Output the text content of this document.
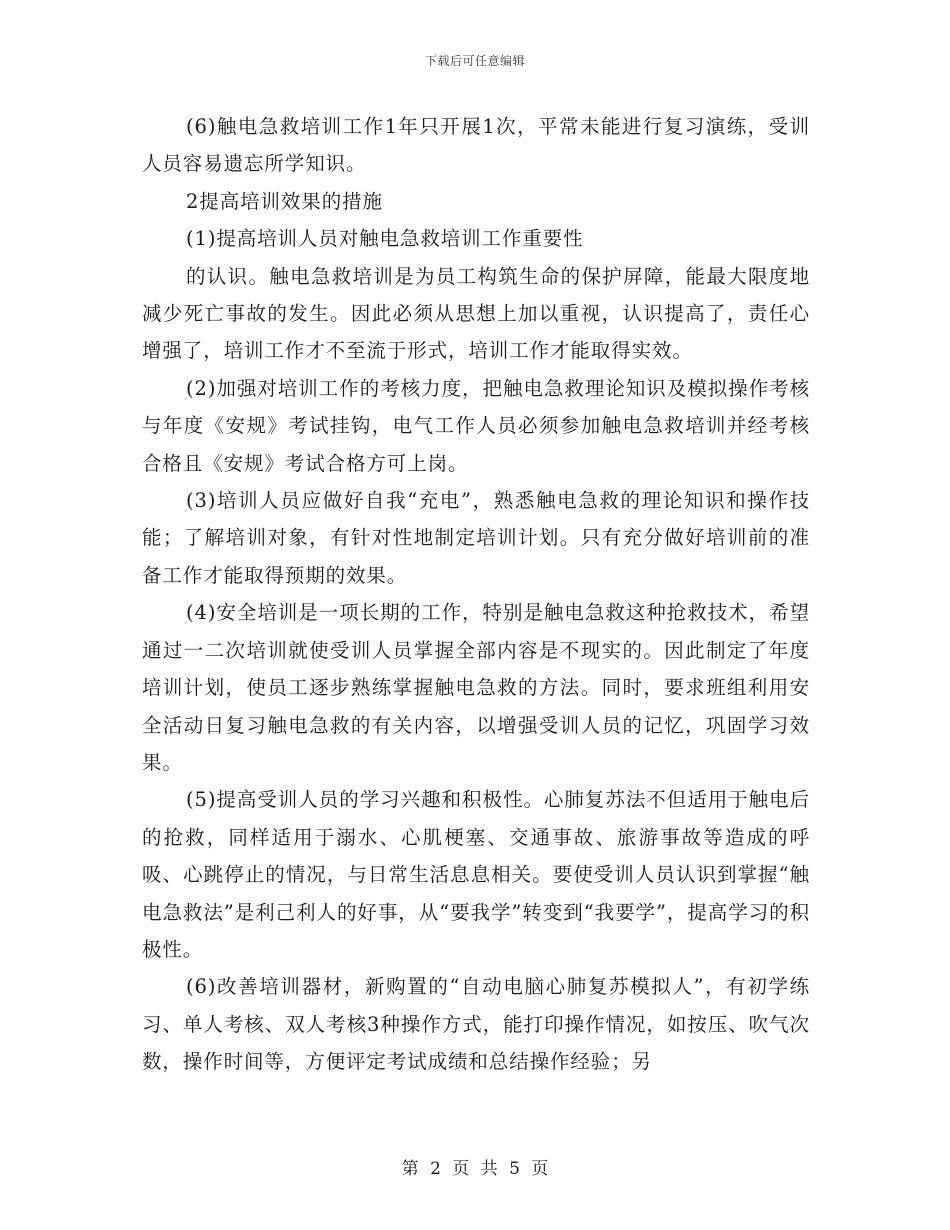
下载后可任意编辑

(6)触电急救培训工作1年只开展1次，平常未能进行复习演练，受训人员容易遗忘所学知识。

2提高培训效果的措施

(1)提高培训人员对触电急救培训工作重要性

的认识。触电急救培训是为员工构筑生命的保护屏障，能最大限度地减少死亡事故的发生。因此必须从思想上加以重视，认识提高了，责任心增强了，培训工作才不至流于形式，培训工作才能取得实效。

(2)加强对培训工作的考核力度，把触电急救理论知识及模拟操作考核与年度《安规》考试挂钩，电气工作人员必须参加触电急救培训并经考核合格且《安规》考试合格方可上岗。

(3)培训人员应做好自我“充电”，熟悉触电急救的理论知识和操作技能；了解培训对象，有针对性地制定培训计划。只有充分做好培训前的准备工作才能取得预期的效果。

(4)安全培训是一项长期的工作，特别是触电急救这种抢救技术，希望通过一二次培训就使受训人员掌握全部内容是不现实的。因此制定了年度培训计划，使员工逐步熟练掌握触电急救的方法。同时，要求班组利用安全活动日复习触电急救的有关内容，以增强受训人员的记忆，巩固学习效果。

(5)提高受训人员的学习兴趣和积极性。心肺复苏法不但适用于触电后的抢救，同样适用于溺水、心肌梗塞、交通事故、旅游事故等造成的呼吸、心跳停止的情况，与日常生活息息相关。要使受训人员认识到掌握“触电急救法”是利己利人的好事，从“要我学”转变到“我要学”，提高学习的积极性。

(6)改善培训器材，新购置的“自动电脑心肺复苏模拟人”，有初学练习、单人考核、双人考核3种操作方式，能打印操作情况，如按压、吹气次数，操作时间等，方便评定考试成绩和总结操作经验；另

第 2 页 共 5 页
